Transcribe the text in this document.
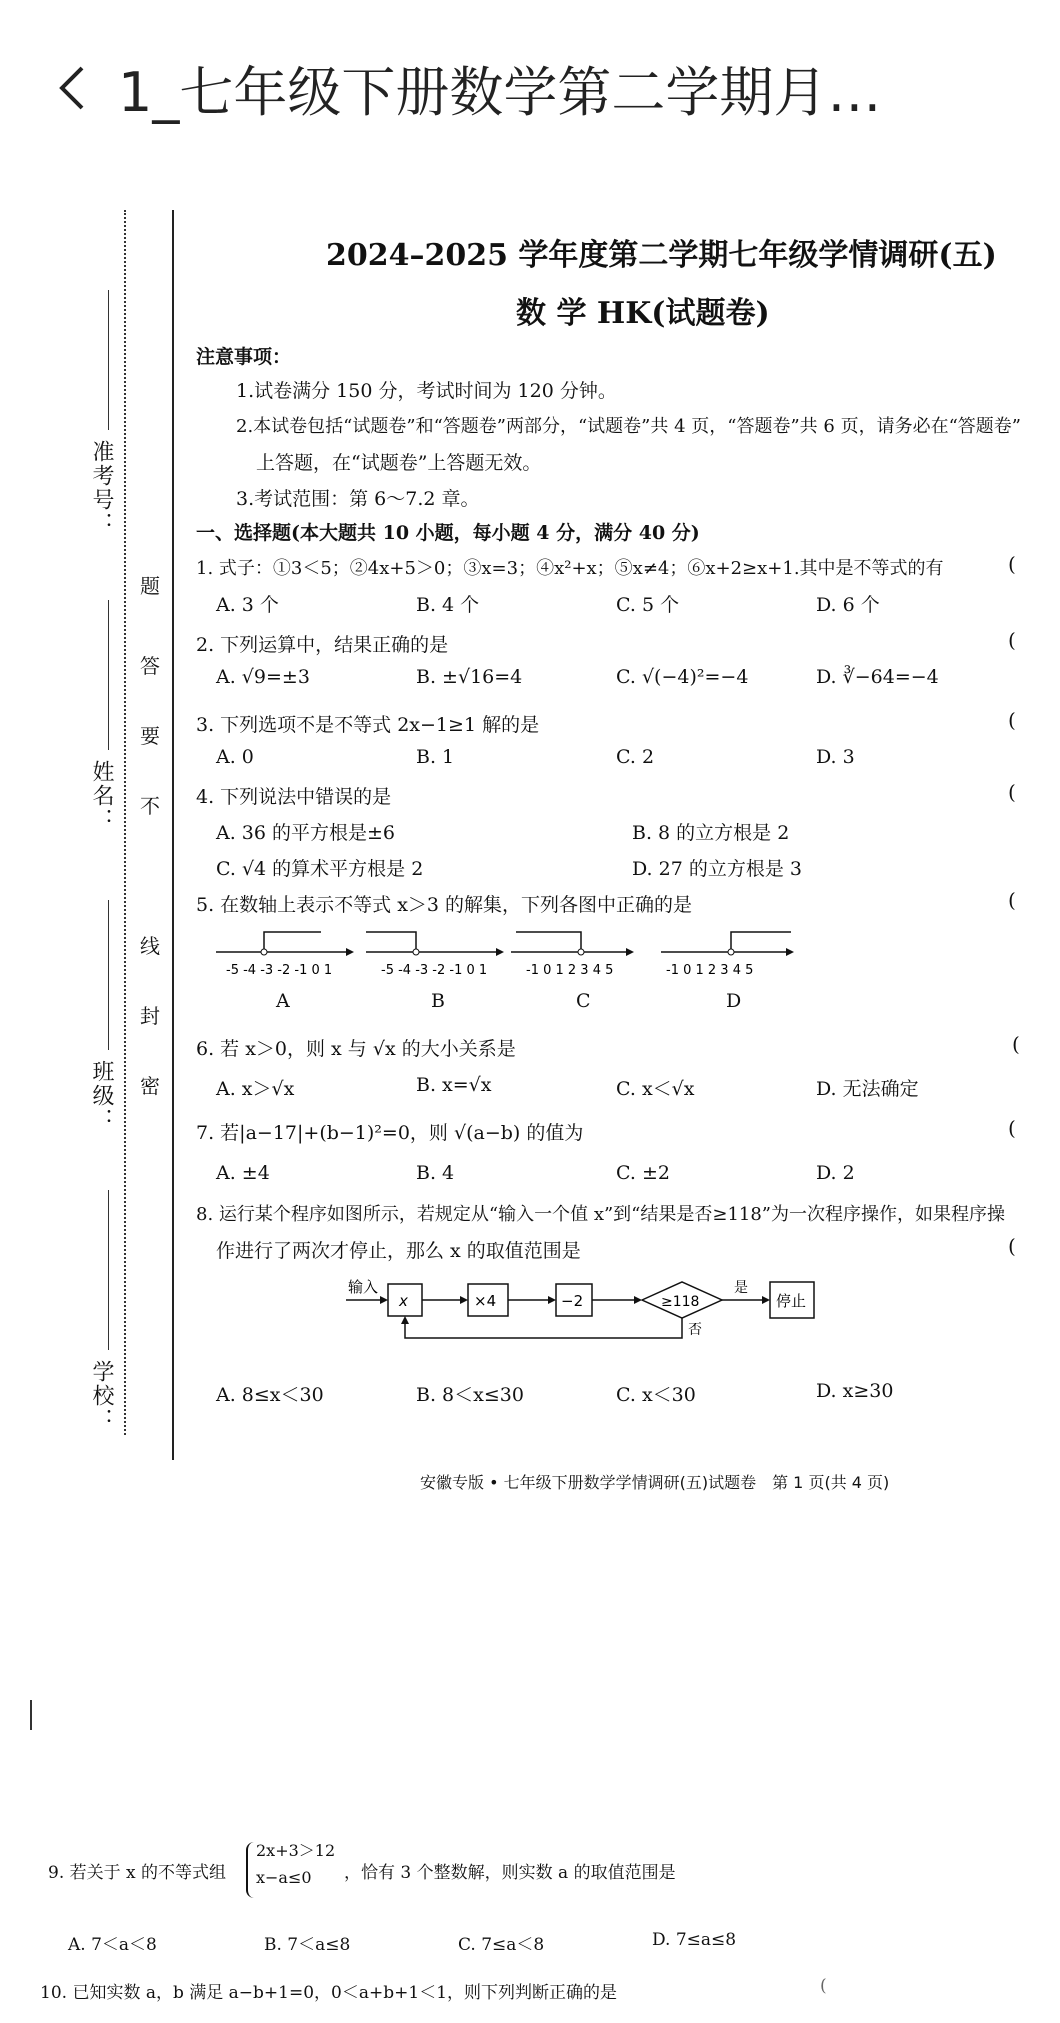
1_七年级下册数学第二学期月…
准考号：
姓名：
班级：
学校：
题
答
要
不
线
封
密
2024–2025 学年度第二学期七年级学情调研(五)
数 学 HK(试题卷)
注意事项：
1.试卷满分 150 分，考试时间为 120 分钟。
2.本试卷包括“试题卷”和“答题卷”两部分，“试题卷”共 4 页，“答题卷”共 6 页，请务必在“答题卷”
上答题，在“试题卷”上答题无效。
3.考试范围：第 6～7.2 章。
一、选择题(本大题共 10 小题，每小题 4 分，满分 40 分)
1. 式子：①3＜5；②4x+5＞0；③x=3；④x²+x；⑤x≠4；⑥x+2≥x+1.其中是不等式的有	(
A. 3 个	B. 4 个	C. 5 个	D. 6 个
2. 下列运算中，结果正确的是	(
A. √9=±3	B. ±√16=4	C. √(−4)²=−4	D. ∛−64=−4
3. 下列选项不是不等式 2x−1≥1 解的是	(
A. 0	B. 1	C. 2	D. 3
4. 下列说法中错误的是	(
A. 36 的平方根是±6	B. 8 的立方根是 2
C. √4 的算术平方根是 2	D. 27 的立方根是 3
5. 在数轴上表示不等式 x＞3 的解集，下列各图中正确的是	(
-5 -4 -3 -2 -1 0 1	-5 -4 -3 -2 -1 0 1	-1 0 1 2 3 4 5	-1 0 1 2 3 4 5
A	B	C	D
6. 若 x＞0，则 x 与 √x 的大小关系是	(
A. x＞√x	B. x=√x	C. x＜√x	D. 无法确定
7. 若|a−17|+(b−1)²=0，则 √(a−b) 的值为	(
A. ±4	B. 4	C. ±2	D. 2
8. 运行某个程序如图所示，若规定从“输入一个值 x”到“结果是否≥118”为一次程序操作，如果程序操
作进行了两次才停止，那么 x 的取值范围是	(
输入
x	×4	−2	≥118
是
停止
否
A. 8≤x＜30	B. 8＜x≤30	C. x＜30	D. x≥30
安徽专版 • 七年级下册数学学情调研(五)试题卷　第 1 页(共 4 页)
9. 若关于 x 的不等式组
2x+3＞12
x−a≤0 ，恰有 3 个整数解，则实数 a 的取值范围是
A. 7＜a＜8	B. 7＜a≤8	C. 7≤a＜8	D. 7≤a≤8
10. 已知实数 a，b 满足 a−b+1=0，0＜a+b+1＜1，则下列判断正确的是	(
